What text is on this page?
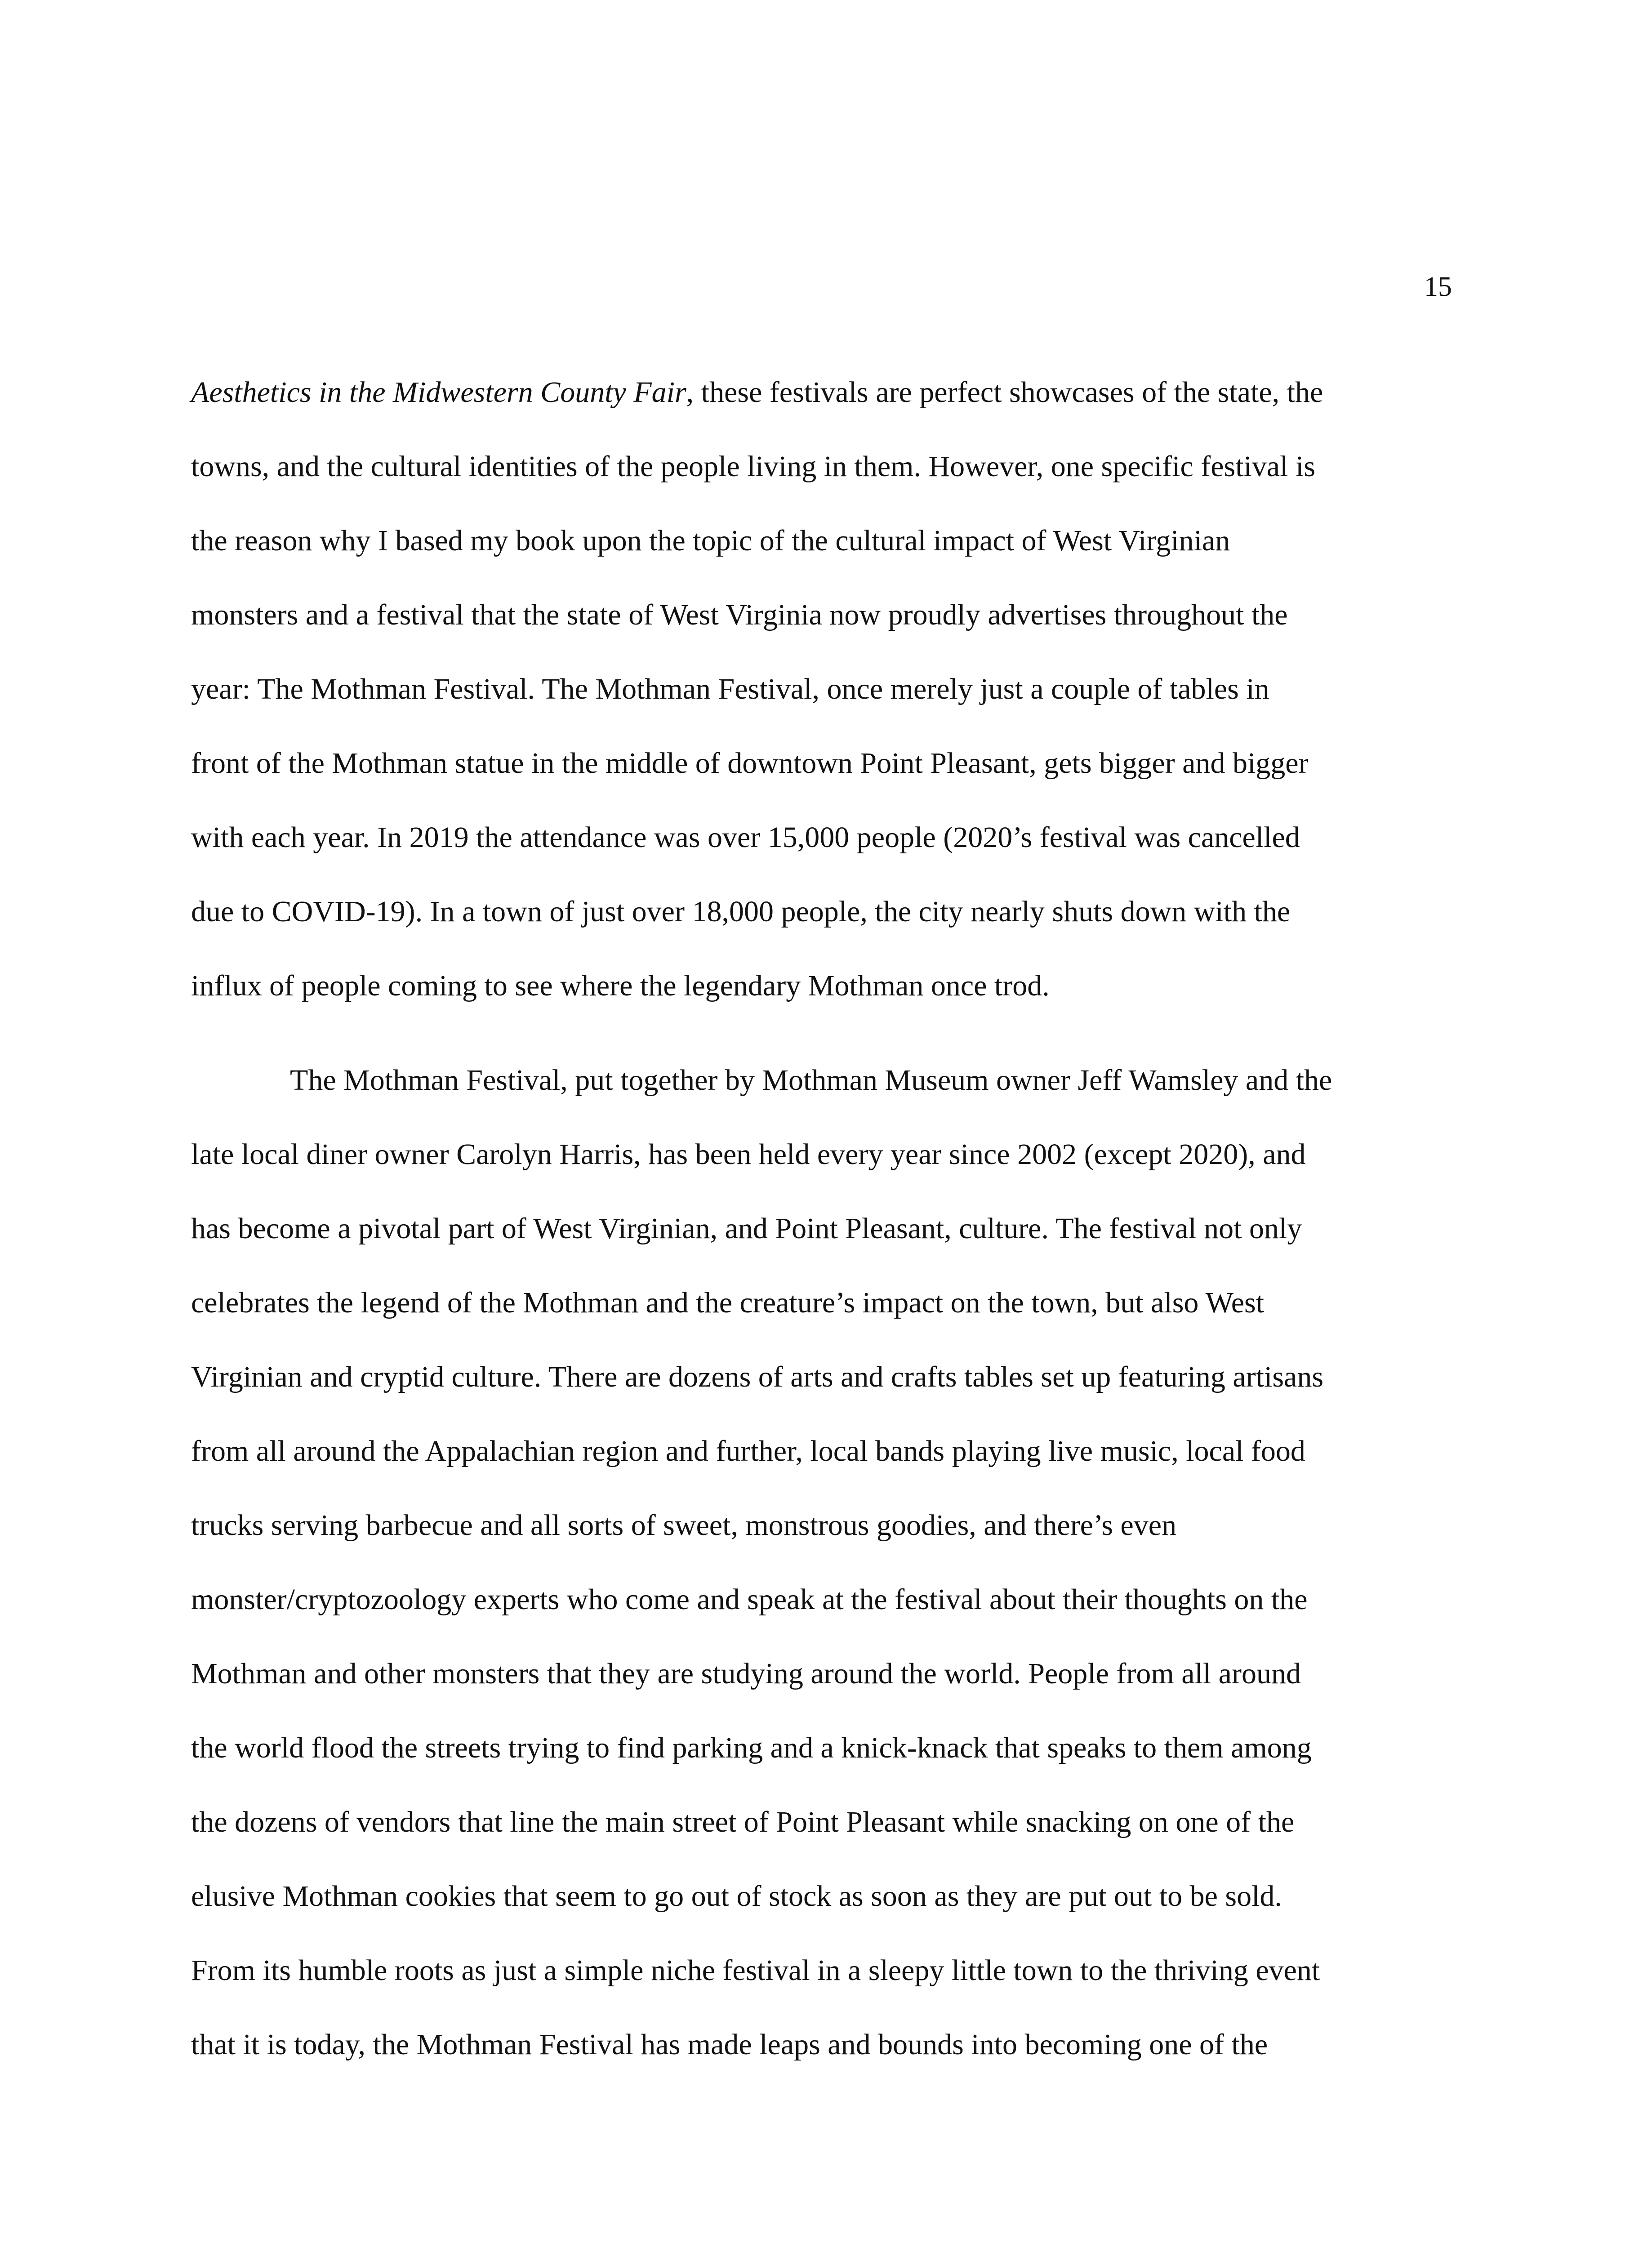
15
Aesthetics in the Midwestern County Fair, these festivals are perfect showcases of the state, the
towns, and the cultural identities of the people living in them. However, one specific festival is
the reason why I based my book upon the topic of the cultural impact of West Virginian
monsters and a festival that the state of West Virginia now proudly advertises throughout the
year: The Mothman Festival. The Mothman Festival, once merely just a couple of tables in
front of the Mothman statue in the middle of downtown Point Pleasant, gets bigger and bigger
with each year. In 2019 the attendance was over 15,000 people (2020’s festival was cancelled
due to COVID-19). In a town of just over 18,000 people, the city nearly shuts down with the
influx of people coming to see where the legendary Mothman once trod.
The Mothman Festival, put together by Mothman Museum owner Jeff Wamsley and the
late local diner owner Carolyn Harris, has been held every year since 2002 (except 2020), and
has become a pivotal part of West Virginian, and Point Pleasant, culture. The festival not only
celebrates the legend of the Mothman and the creature’s impact on the town, but also West
Virginian and cryptid culture. There are dozens of arts and crafts tables set up featuring artisans
from all around the Appalachian region and further, local bands playing live music, local food
trucks serving barbecue and all sorts of sweet, monstrous goodies, and there’s even
monster/cryptozoology experts who come and speak at the festival about their thoughts on the
Mothman and other monsters that they are studying around the world. People from all around
the world flood the streets trying to find parking and a knick-knack that speaks to them among
the dozens of vendors that line the main street of Point Pleasant while snacking on one of the
elusive Mothman cookies that seem to go out of stock as soon as they are put out to be sold.
From its humble roots as just a simple niche festival in a sleepy little town to the thriving event
that it is today, the Mothman Festival has made leaps and bounds into becoming one of the
